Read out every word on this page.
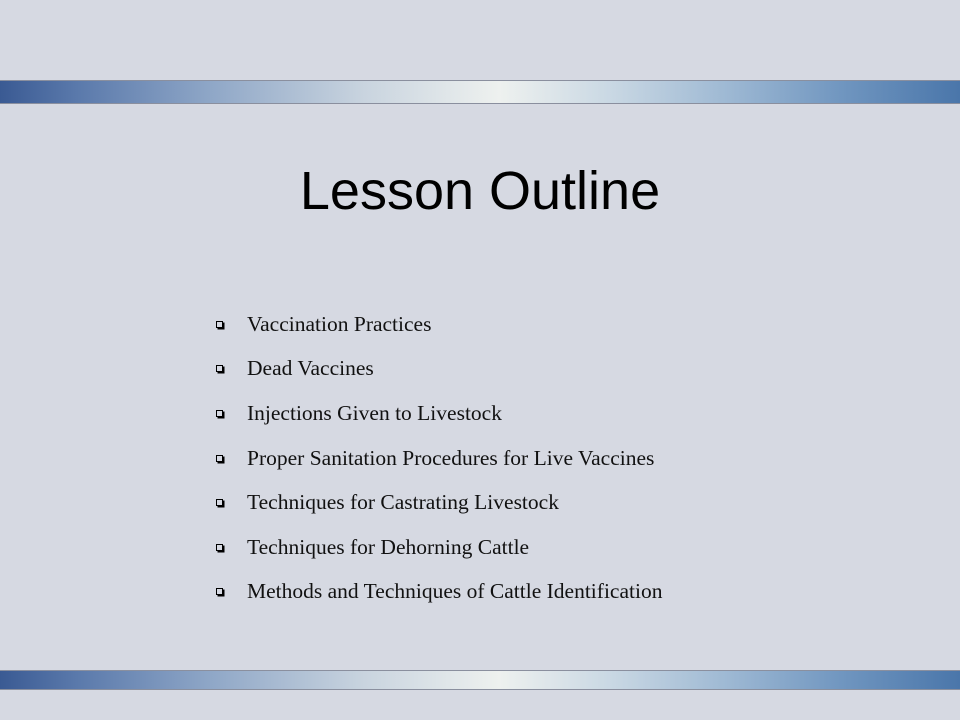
Lesson Outline
Vaccination Practices
Dead Vaccines
Injections Given to Livestock
Proper Sanitation Procedures for Live Vaccines
Techniques for Castrating Livestock
Techniques for Dehorning Cattle
Methods and Techniques of Cattle Identification
